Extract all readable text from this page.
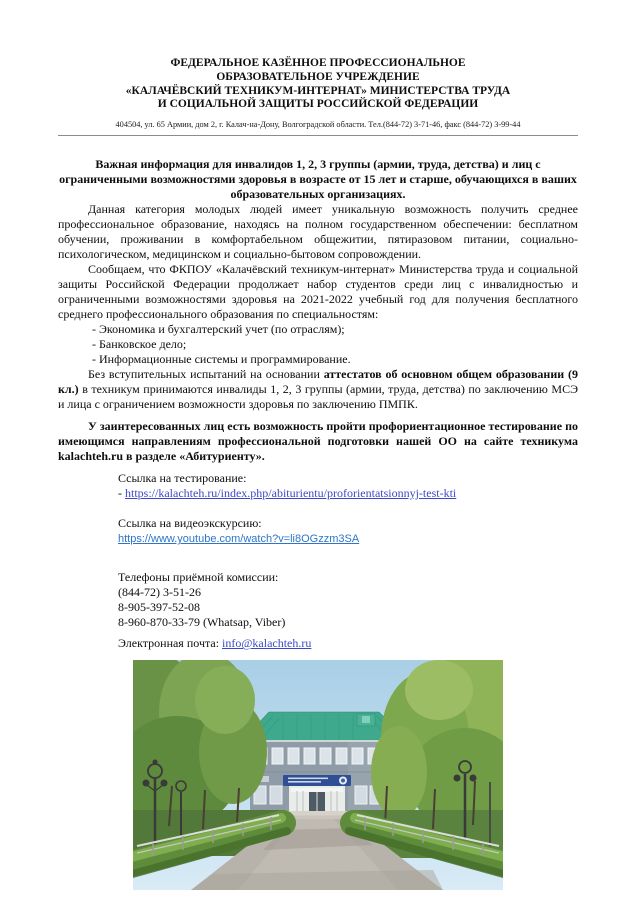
ФЕДЕРАЛЬНОЕ КАЗЁННОЕ ПРОФЕССИОНАЛЬНОЕ
ОБРАЗОВАТЕЛЬНОЕ УЧРЕЖДЕНИЕ
«КАЛАЧЁВСКИЙ ТЕХНИКУМ-ИНТЕРНАТ» МИНИСТЕРСТВА ТРУДА
И СОЦИАЛЬНОЙ ЗАЩИТЫ РОССИЙСКОЙ ФЕДЕРАЦИИ
404504, ул. 65 Армии, дом 2, г. Калач-на-Дону, Волгоградской области. Тел.(844-72) 3-71-46, факс (844-72) 3-99-44

Важная информация для инвалидов 1, 2, 3 группы (армии, труда, детства) и лиц с ограниченными возможностями здоровья в возрасте от 15 лет и старше, обучающихся в ваших образовательных организациях.

Данная категория молодых людей имеет уникальную возможность получить среднее профессиональное образование, находясь на полном государственном обеспечении: бесплатном обучении, проживании в комфортабельном общежитии, пятиразовом питании, социально-психологическом, медицинском и социально-бытовом сопровождении.

Сообщаем, что ФКПОУ «Калачёвский техникум-интернат» Министерства труда и социальной защиты Российской Федерации продолжает набор студентов среди лиц с инвалидностью и ограниченными возможностями здоровья на 2021-2022 учебный год для получения бесплатного среднего профессионального образования по специальностям:

- Экономика и бухгалтерский учет (по отраслям);
- Банковское дело;
- Информационные системы и программирование.

Без вступительных испытаний на основании аттестатов об основном общем образовании (9 кл.) в техникум принимаются инвалиды 1, 2, 3 группы (армии, труда, детства) по заключению МСЭ и лица с ограничением возможности здоровья по заключению ПМПК.

У заинтересованных лиц есть возможность пройти профориентационное тестирование по имеющимся направлениям профессиональной подготовки нашей ОО на сайте техникума kalachteh.ru в разделе «Абитуриенту».

Ссылка на тестирование:
- https://kalachteh.ru/index.php/abiturientu/proforientatsionnyj-test-kti
Ссылка на видеоэкскурсию:
https://www.youtube.com/watch?v=li8OGzzm3SA
Телефоны приёмной комиссии:
(844-72) 3-51-26
8-905-397-52-08
8-960-870-33-79 (Whatsap, Viber)
Электронная почта: info@kalachteh.ru
